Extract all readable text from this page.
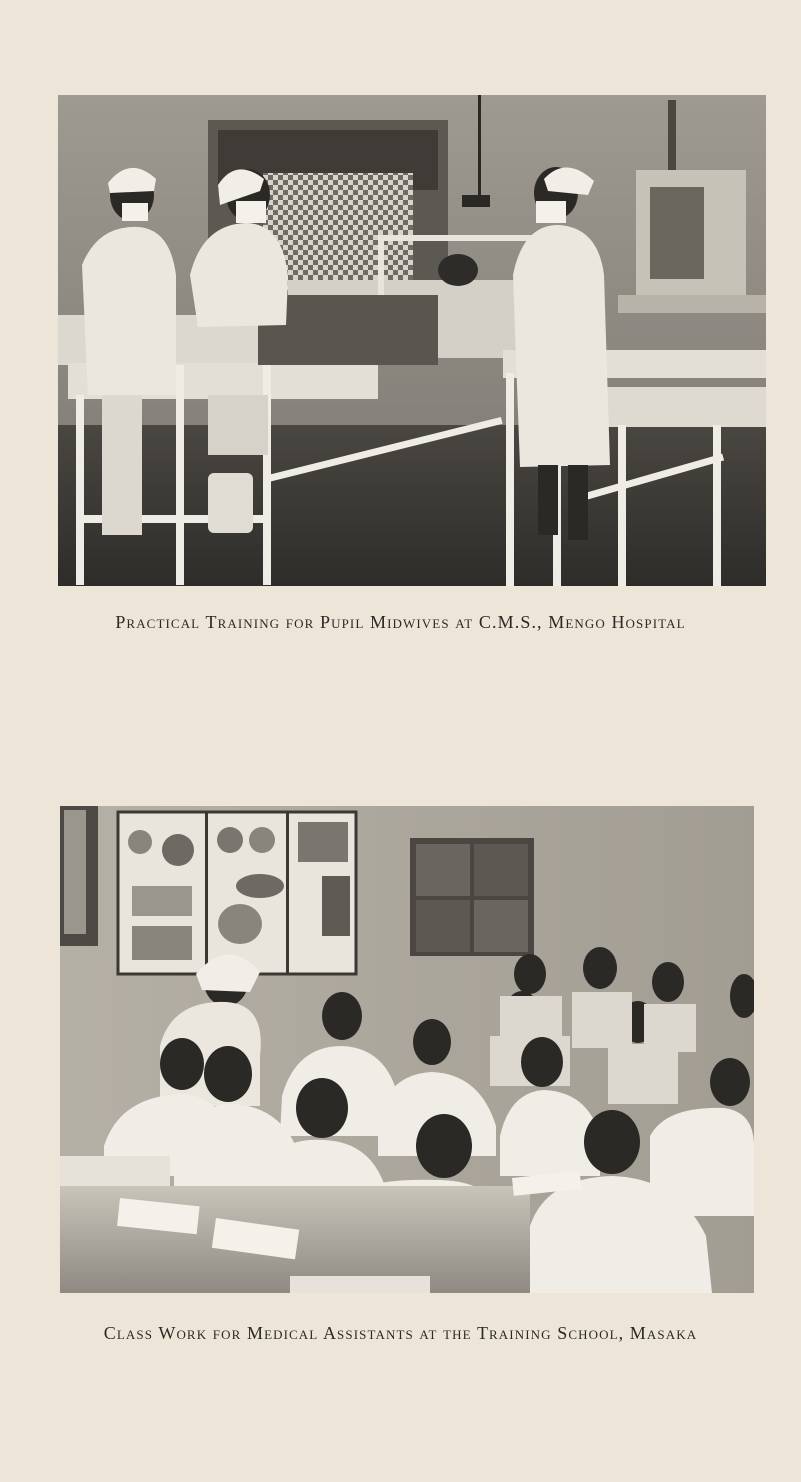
Practical Training for Pupil Midwives at C.M.S., Mengo Hospital
Class Work for Medical Assistants at the Training School, Masaka
